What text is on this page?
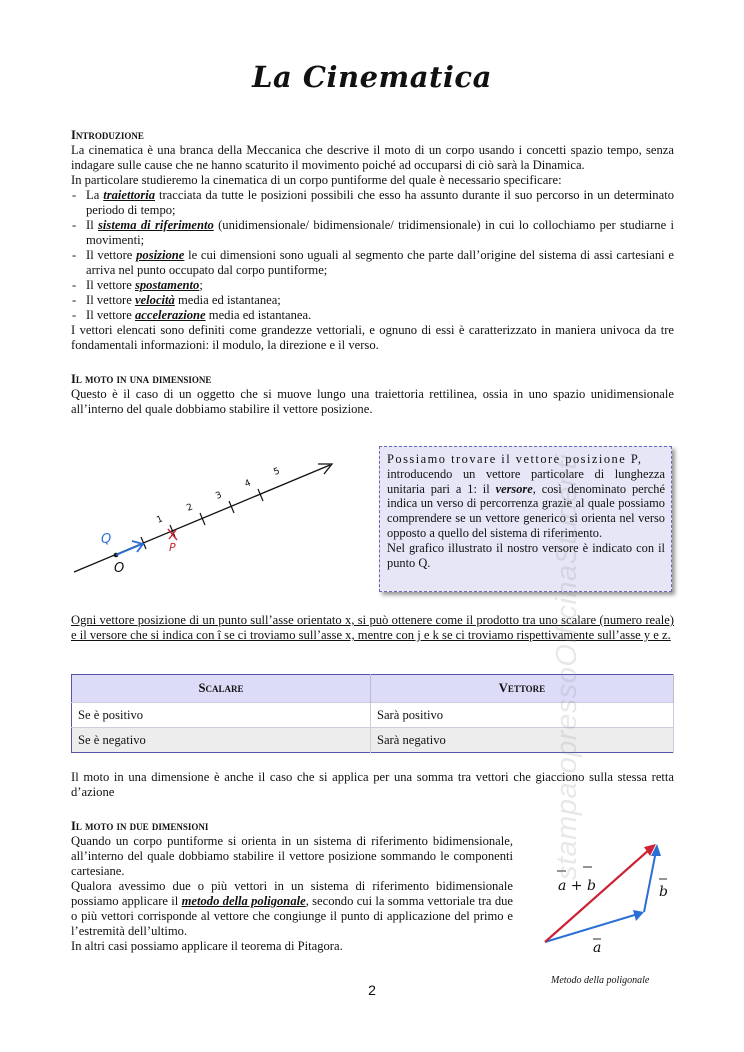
La Cinematica
Introduzione

La cinematica è una branca della Meccanica che descrive il moto di un corpo usando i concetti spazio tempo, senza indagare sulle cause che ne hanno scaturito il movimento poiché ad occuparsi di ciò sarà la Dinamica.

In particolare studieremo la cinematica di un corpo puntiforme del quale è necessario specificare:

- La traiettoria tracciata da tutte le posizioni possibili che esso ha assunto durante il suo percorso in un determinato periodo di tempo;
- Il sistema di riferimento (unidimensionale/ bidimensionale/ tridimensionale) in cui lo collochiamo per studiarne i movimenti;
- Il vettore posizione le cui dimensioni sono uguali al segmento che parte dall’origine del sistema di assi cartesiani e arriva nel punto occupato dal corpo puntiforme;
- Il vettore spostamento;
- Il vettore velocità media ed istantanea;
- Il vettore accelerazione media ed istantanea.

I vettori elencati sono definiti come grandezze vettoriali, e ognuno di essi è caratterizzato in maniera univoca da tre fondamentali informazioni: il modulo, la direzione e il verso.

Il moto in una dimensione

Questo è il caso di un oggetto che si muove lungo una traiettoria rettilinea, ossia in uno spazio unidimensionale all’interno del quale dobbiamo stabilire il vettore posizione.

O
Q
P
1
2
3
4
5
Possiamo trovare il vettore posizione P,
introducendo un vettore particolare di lunghezza unitaria pari a 1: il versore, così denominato perché indica un verso di percorrenza grazie al quale possiamo comprendere se un vettore generico si orienta nel verso opposto a quello del sistema di riferimento.
Nel grafico illustrato il nostro versore è indicato con il punto Q.

Ogni vettore posizione di un punto sull’asse orientato x, si può ottenere come il prodotto tra uno scalare (numero reale) e il versore che si indica con î se ci troviamo sull’asse x, mentre con j e k se ci troviamo rispettivamente sull’asse y e z.

Scalare	Vettore
Se è positivo	Sarà positivo
Se è negativo	Sarà negativo

Il moto in una dimensione è anche il caso che si applica per una somma tra vettori che giacciono sulla stessa retta d’azione

Il moto in due dimensioni

Quando un corpo puntiforme si orienta in un sistema di riferimento bidimensionale, all’interno del quale dobbiamo stabilire il vettore posizione sommando le componenti cartesiane.

Qualora avessimo due o più vettori in un sistema di riferimento bidimensionale possiamo applicare il metodo della poligonale, secondo cui la somma vettoriale tra due o più vettori corrisponde al vettore che congiunge il punto di applicazione del primo e l’estremità dell’ultimo.

In altri casi possiamo applicare il teorema di Pitagora.

a + b
a
b
Metodo della poligonale
stampatopressoOfficinaStudenti
2
